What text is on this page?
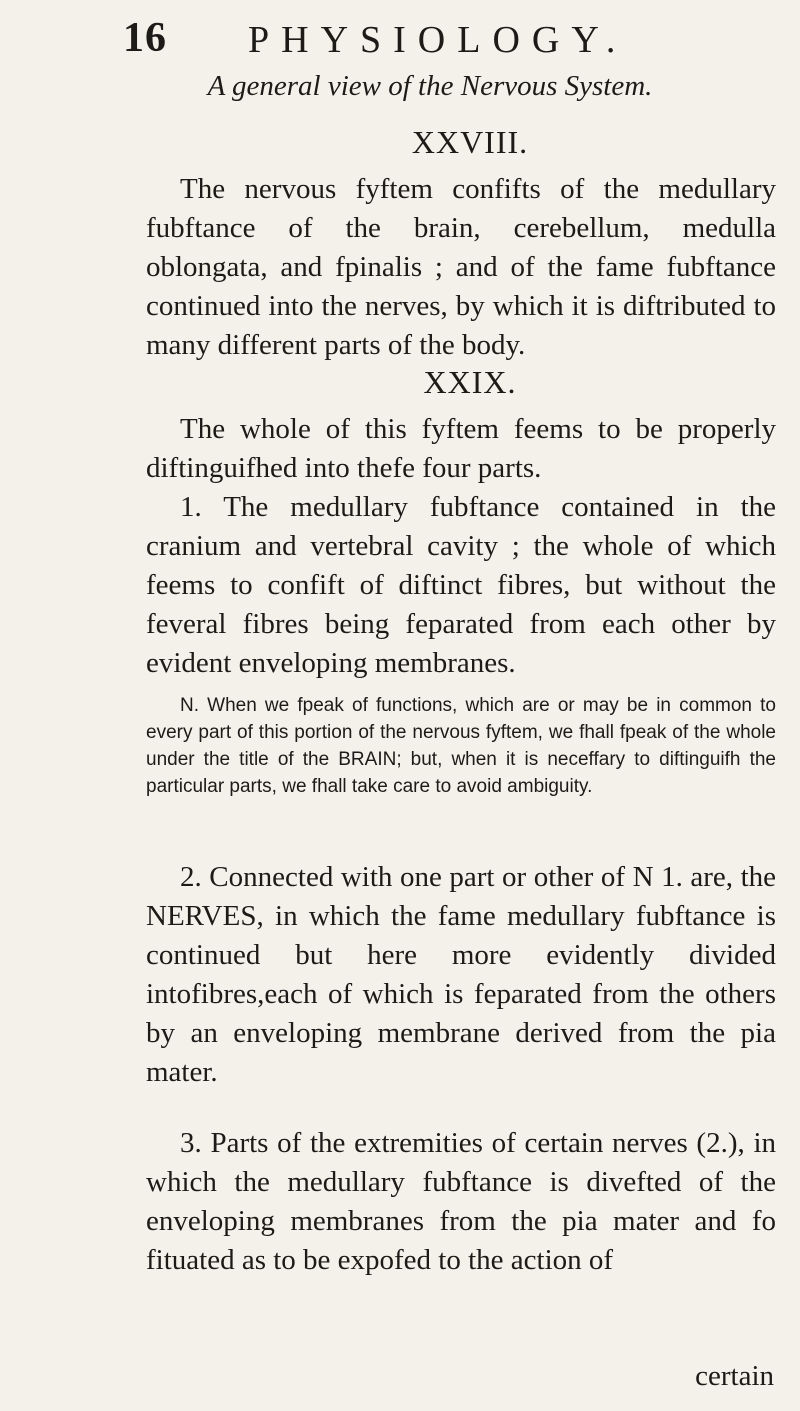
16 PHYSIOLOGY.
A general view of the Nervous System.
XXVIII.

The nervous fyftem confifts of the medullary fubftance of the brain, cerebellum, medulla oblongata, and fpinalis ; and of the fame fubftance continued into the nerves, by which it is diftributed to many different parts of the body.

XXIX.

The whole of this fyftem feems to be properly diftinguifhed into thefe four parts.

1. The medullary fubftance contained in the cranium and vertebral cavity ; the whole of which feems to confift of diftinct fibres, but without the feveral fibres being feparated from each other by evident enveloping membranes.

N. When we fpeak of functions, which are or may be in common to every part of this portion of the nervous fyftem, we fhall fpeak of the whole under the title of the BRAIN; but, when it is neceffary to diftinguifh the particular parts, we fhall take care to avoid ambiguity.

2. Connected with one part or other of N 1. are, the NERVES, in which the fame medullary fubftance is continued but here more evidently divided intofibres,each of which is feparated from the others by an enveloping membrane derived from the pia mater.

3. Parts of the extremities of certain nerves (2.), in which the medullary fubftance is divefted of the enveloping membranes from the pia mater and fo fituated as to be expofed to the action of

certain
